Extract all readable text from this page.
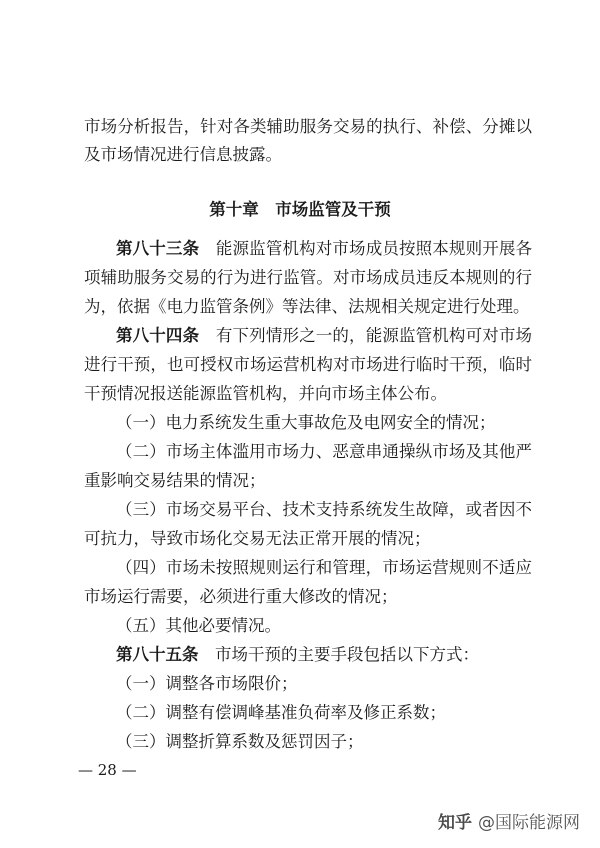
市场分析报告，针对各类辅助服务交易的执行、补偿、分摊以
及市场情况进行信息披露。
第十章　市场监管及干预
第八十三条　能源监管机构对市场成员按照本规则开展各
项辅助服务交易的行为进行监管。对市场成员违反本规则的行
为，依据《电力监管条例》等法律、法规相关规定进行处理。
第八十四条　有下列情形之一的，能源监管机构可对市场
进行干预，也可授权市场运营机构对市场进行临时干预，临时
干预情况报送能源监管机构，并向市场主体公布。
（一）电力系统发生重大事故危及电网安全的情况；
（二）市场主体滥用市场力、恶意串通操纵市场及其他严
重影响交易结果的情况；
（三）市场交易平台、技术支持系统发生故障，或者因不
可抗力，导致市场化交易无法正常开展的情况；
（四）市场未按照规则运行和管理，市场运营规则不适应
市场运行需要，必须进行重大修改的情况；
（五）其他必要情况。
第八十五条　市场干预的主要手段包括以下方式：
（一）调整各市场限价；
（二）调整有偿调峰基准负荷率及修正系数；
（三）调整折算系数及惩罚因子；
— 28 —
知乎 @国际能源网
